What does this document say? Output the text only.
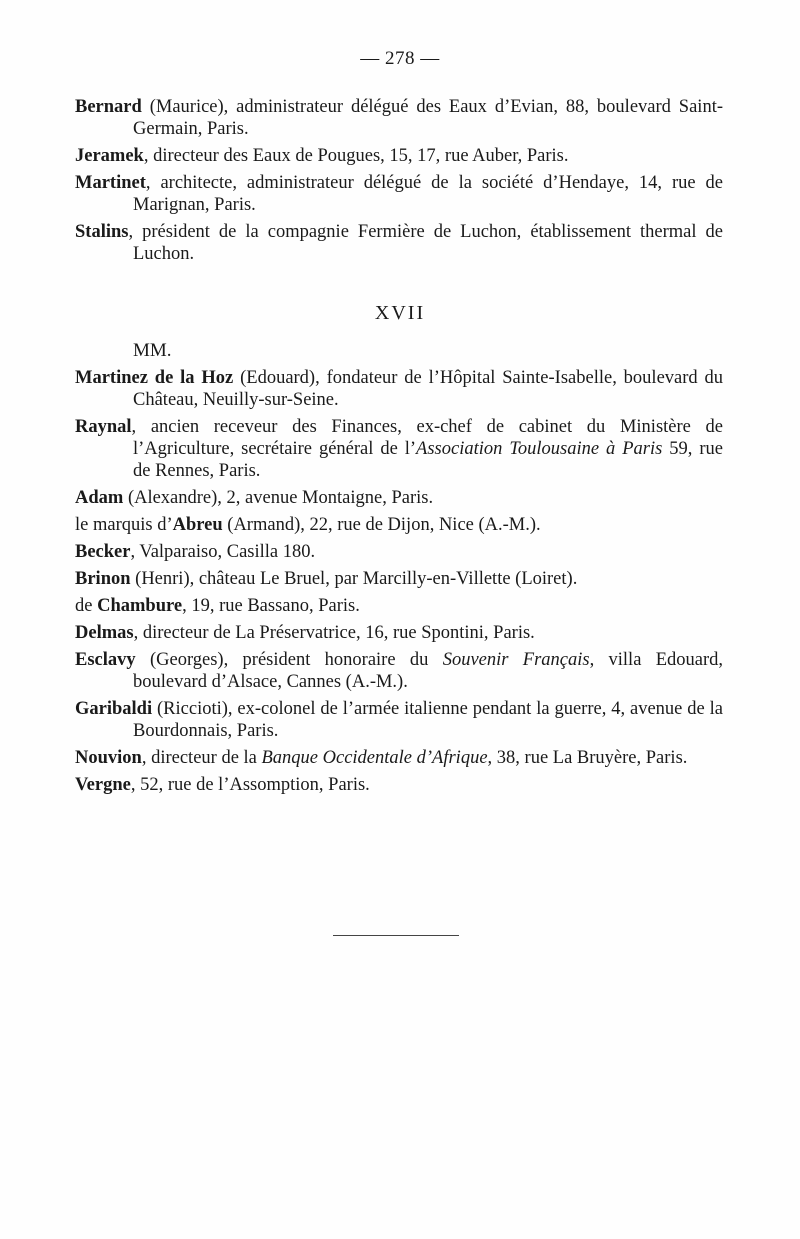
— 278 —

Bernard (Maurice), administrateur délégué des Eaux d’Evian, 88, boulevard Saint-Germain, Paris.

Jeramek, directeur des Eaux de Pougues, 15, 17, rue Auber, Paris.

Martinet, architecte, administrateur délégué de la société d’Hendaye, 14, rue de Marignan, Paris.

Stalins, président de la compagnie Fermière de Luchon, établissement thermal de Luchon.

XVII
MM.

Martinez de la Hoz (Edouard), fondateur de l’Hôpital Sainte-Isabelle, boulevard du Château, Neuilly-sur-Seine.

Raynal, ancien receveur des Finances, ex-chef de cabinet du Ministère de l’Agriculture, secrétaire général de l’Association Toulousaine à Paris 59, rue de Rennes, Paris.

Adam (Alexandre), 2, avenue Montaigne, Paris.

le marquis d’Abreu (Armand), 22, rue de Dijon, Nice (A.-M.).

Becker, Valparaiso, Casilla 180.

Brinon (Henri), château Le Bruel, par Marcilly-en-Villette (Loiret).

de Chambure, 19, rue Bassano, Paris.

Delmas, directeur de La Préservatrice, 16, rue Spontini, Paris.

Esclavy (Georges), président honoraire du Souvenir Français, villa Edouard, boulevard d’Alsace, Cannes (A.-M.).

Garibaldi (Riccioti), ex-colonel de l’armée italienne pendant la guerre, 4, avenue de la Bourdonnais, Paris.

Nouvion, directeur de la Banque Occidentale d’Afrique, 38, rue La Bruyère, Paris.

Vergne, 52, rue de l’Assomption, Paris.
